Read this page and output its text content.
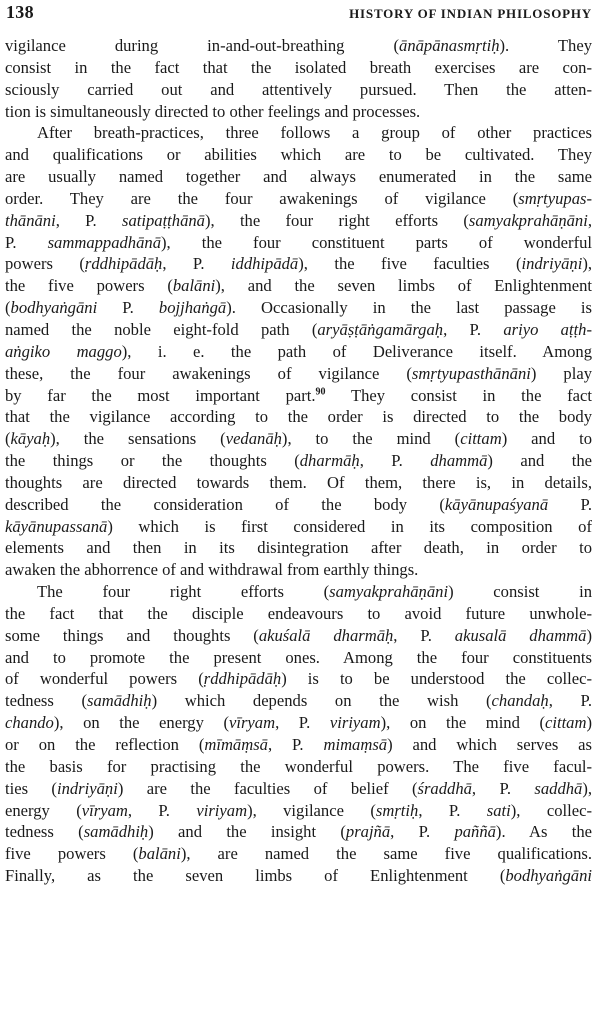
138	HISTORY OF INDIAN PHILOSOPHY
vigilance during in-and-out-breathing (ānāpānasmṛtiḥ). They
consist in the fact that the isolated breath exercises are con-
sciously carried out and attentively pursued. Then the atten-
tion is simultaneously directed to other feelings and processes.
After breath-practices, three follows a group of other practices
and qualifications or abilities which are to be cultivated. They
are usually named together and always enumerated in the same
order. They are the four awakenings of vigilance (smṛtyupas-
thānāni, P. satipaṭṭhānā), the four right efforts (samyakprahāṇāni,
P. sammappadhānā), the four constituent parts of wonderful
powers (ṛddhipādāḥ, P. iddhipādā), the five faculties (indriyāṇi),
the five powers (balāni), and the seven limbs of Enlightenment
(bodhyaṅgāni P. bojjhaṅgā). Occasionally in the last passage is
named the noble eight-fold path (aryāṣṭāṅgamārgaḥ, P. ariyo aṭṭh-
aṅgiko maggo), i. e. the path of Deliverance itself. Among
these, the four awakenings of vigilance (smṛtyupasthānāni) play
by far the most important part.$^{90}$ They consist in the fact
that the vigilance according to the order is directed to the body
(kāyaḥ), the sensations (vedanāḥ), to the mind (cittam) and to
the things or the thoughts (dharmāḥ, P. dhammā) and the
thoughts are directed towards them. Of them, there is, in details,
described the consideration of the body (kāyānupaśyanā P.
kāyānupassanā) which is first considered in its composition of
elements and then in its disintegration after death, in order to
awaken the abhorrence of and withdrawal from earthly things.
The four right efforts (samyakprahāṇāni) consist in
the fact that the disciple endeavours to avoid future unwhole-
some things and thoughts (akuśalā dharmāḥ, P. akusalā dhammā)
and to promote the present ones. Among the four constituents
of wonderful powers (ṛddhipādāḥ) is to be understood the collec-
tedness (samādhiḥ) which depends on the wish (chandaḥ, P.
chando), on the energy (vīryam, P. viriyam), on the mind (cittam)
or on the reflection (mīmāṃsā, P. mimaṃsā) and which serves as
the basis for practising the wonderful powers. The five facul-
ties (indriyāṇi) are the faculties of belief (śraddhā, P. saddhā),
energy (vīryam, P. viriyam), vigilance (smṛtiḥ, P. sati), collec-
tedness (samādhiḥ) and the insight (prajñā, P. paññā). As the
five powers (balāni), are named the same five qualifications.
Finally, as the seven limbs of Enlightenment (bodhyaṅgāni
